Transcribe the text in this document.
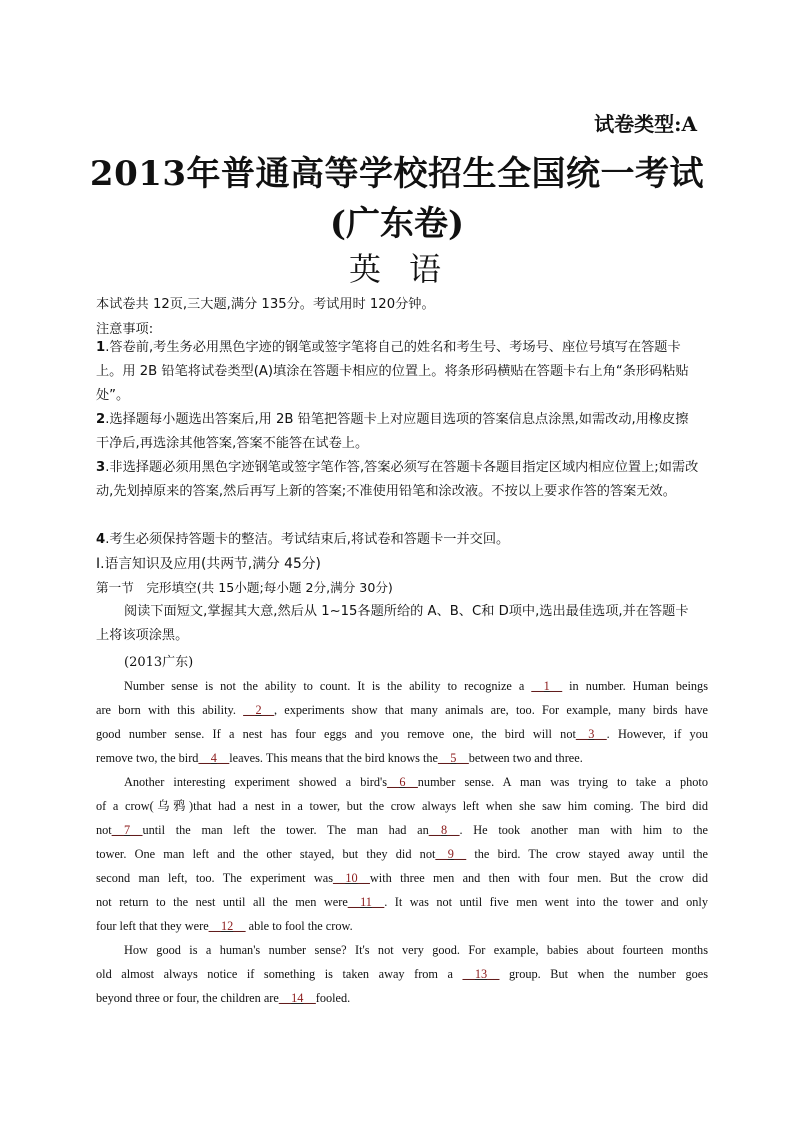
试卷类型:A
2013年普通高等学校招生全国统一考试
(广东卷)
英语
本试卷共 12页,三大题,满分 135分。考试用时 120分钟。
注意事项:
1.答卷前,考生务必用黑色字迹的钢笔或签字笔将自己的姓名和考生号、考场号、座位号填写在答题卡上。用 2B 铅笔将试卷类型(A)填涂在答题卡相应的位置上。将条形码横贴在答题卡右上角“条形码粘贴处”。
2.选择题每小题选出答案后,用 2B 铅笔把答题卡上对应题目选项的答案信息点涂黑,如需改动,用橡皮擦干净后,再选涂其他答案,答案不能答在试卷上。
3.非选择题必须用黑色字迹钢笔或签字笔作答,答案必须写在答题卡各题目指定区域内相应位置上;如需改动,先划掉原来的答案,然后再写上新的答案;不准使用铅笔和涂改液。不按以上要求作答的答案无效。
4.考生必须保持答题卡的整洁。考试结束后,将试卷和答题卡一并交回。
Ⅰ.语言知识及应用(共两节,满分 45分)
第一节　完形填空(共 15小题;每小题 2分,满分 30分)
阅读下面短文,掌握其大意,然后从 1~15各题所给的 A、B、C和 D项中,选出最佳选项,并在答题卡上将该项涂黑。
(2013广东)
Number sense is not the ability to count. It is the ability to recognize a __1__ in number. Human beings
are born with this ability. __2__, experiments show that many animals are, too. For example, many birds have
good number sense. If a nest has four eggs and you remove one, the bird will not__3__. However, if you
remove two, the bird__4__leaves. This means that the bird knows the__5__between two and three.
Another interesting experiment showed a bird's__6__number sense. A man was trying to take a photo
of a crow(乌鸦)that had a nest in a tower, but the crow always left when she saw him coming. The bird did
not__7__until the man left the tower. The man had an__8__. He took another man with him to the
tower. One man left and the other stayed, but they did not__9__ the bird. The crow stayed away until the
second man left, too. The experiment was__10__with three men and then with four men. But the crow did
not return to the nest until all the men were__11__. It was not until five men went into the tower and only
four left that they were__12__ able to fool the crow.
How good is a human's number sense? It's not very good. For example, babies about fourteen months
old almost always notice if something is taken away from a __13__ group. But when the number goes
beyond three or four, the children are__14__fooled.
